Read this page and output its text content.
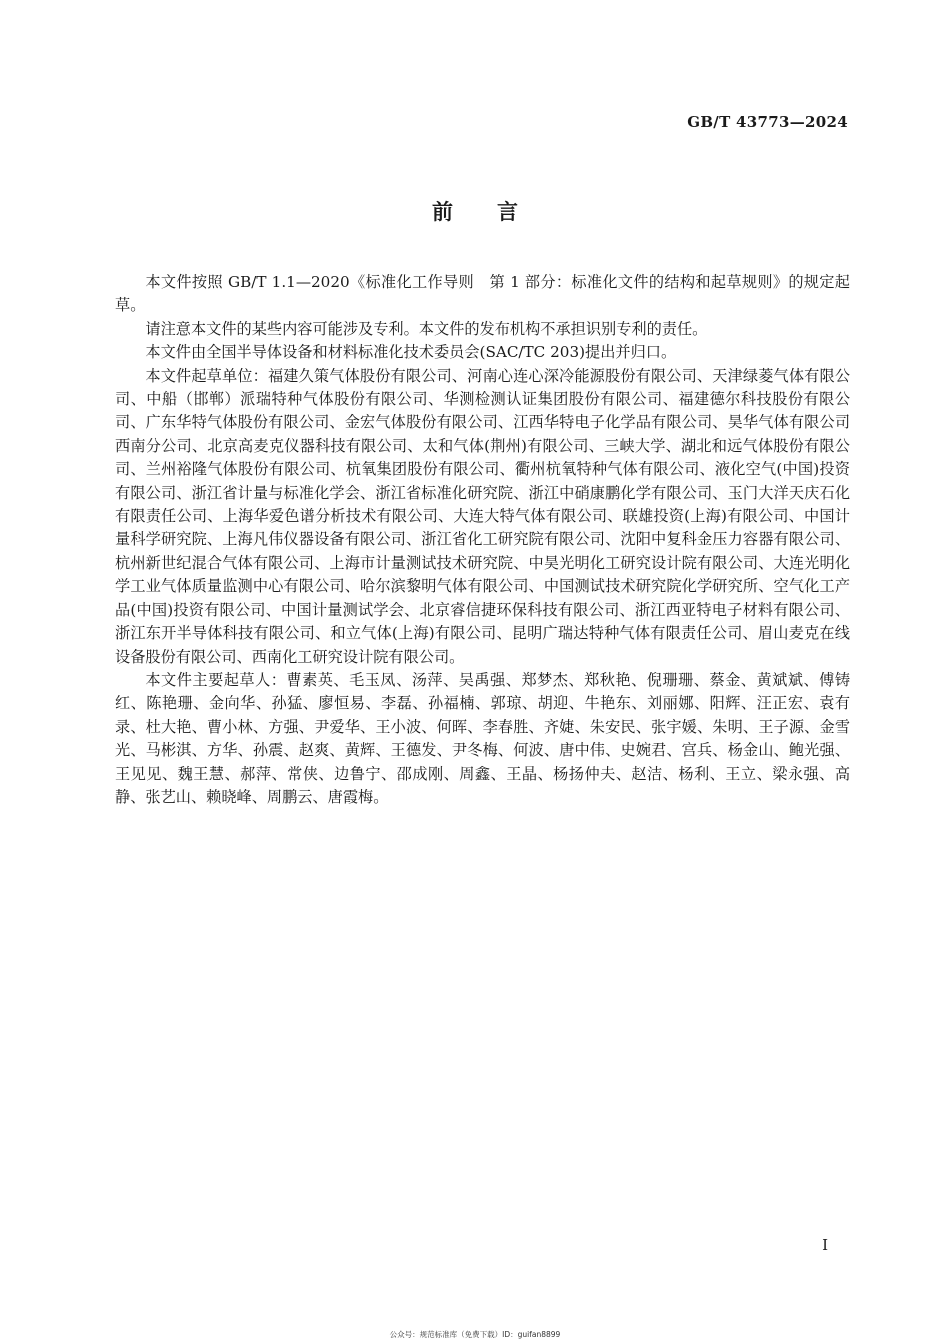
GB/T 43773—2024
前言

本文件按照 GB/T 1.1—2020《标准化工作导则　第 1 部分：标准化文件的结构和起草规则》的规定起草。

请注意本文件的某些内容可能涉及专利。本文件的发布机构不承担识别专利的责任。

本文件由全国半导体设备和材料标准化技术委员会(SAC/TC 203)提出并归口。

本文件起草单位：福建久策气体股份有限公司、河南心连心深冷能源股份有限公司、天津绿菱气体有限公司、中船（邯郸）派瑞特种气体股份有限公司、华测检测认证集团股份有限公司、福建德尔科技股份有限公司、广东华特气体股份有限公司、金宏气体股份有限公司、江西华特电子化学品有限公司、昊华气体有限公司西南分公司、北京高麦克仪器科技有限公司、太和气体(荆州)有限公司、三峡大学、湖北和远气体股份有限公司、兰州裕隆气体股份有限公司、杭氧集团股份有限公司、衢州杭氧特种气体有限公司、液化空气(中国)投资有限公司、浙江省计量与标准化学会、浙江省标准化研究院、浙江中硝康鹏化学有限公司、玉门大洋天庆石化有限责任公司、上海华爱色谱分析技术有限公司、大连大特气体有限公司、联雄投资(上海)有限公司、中国计量科学研究院、上海凡伟仪器设备有限公司、浙江省化工研究院有限公司、沈阳中复科金压力容器有限公司、杭州新世纪混合气体有限公司、上海市计量测试技术研究院、中昊光明化工研究设计院有限公司、大连光明化学工业气体质量监测中心有限公司、哈尔滨黎明气体有限公司、中国测试技术研究院化学研究所、空气化工产品(中国)投资有限公司、中国计量测试学会、北京睿信捷环保科技有限公司、浙江西亚特电子材料有限公司、浙江东开半导体科技有限公司、和立气体(上海)有限公司、昆明广瑞达特种气体有限责任公司、眉山麦克在线设备股份有限公司、西南化工研究设计院有限公司。

本文件主要起草人：曹素英、毛玉凤、汤萍、吴禹强、郑梦杰、郑秋艳、倪珊珊、蔡金、黄斌斌、傅铸红、陈艳珊、金向华、孙猛、廖恒易、李磊、孙福楠、郭琼、胡迎、牛艳东、刘丽娜、阳辉、汪正宏、袁有录、杜大艳、曹小林、方强、尹爱华、王小波、何晖、李春胜、齐婕、朱安民、张宇媛、朱明、王子源、金雪光、马彬淇、方华、孙震、赵爽、黄辉、王德发、尹冬梅、何波、唐中伟、史婉君、宫兵、杨金山、鲍光强、王见见、魏王慧、郝萍、常侠、边鲁宁、邵成刚、周鑫、王晶、杨扬仲夫、赵洁、杨利、王立、梁永强、高静、张艺山、赖晓峰、周鹏云、唐霞梅。

I
公众号：规范标准库（免费下载）ID：guifan8899
